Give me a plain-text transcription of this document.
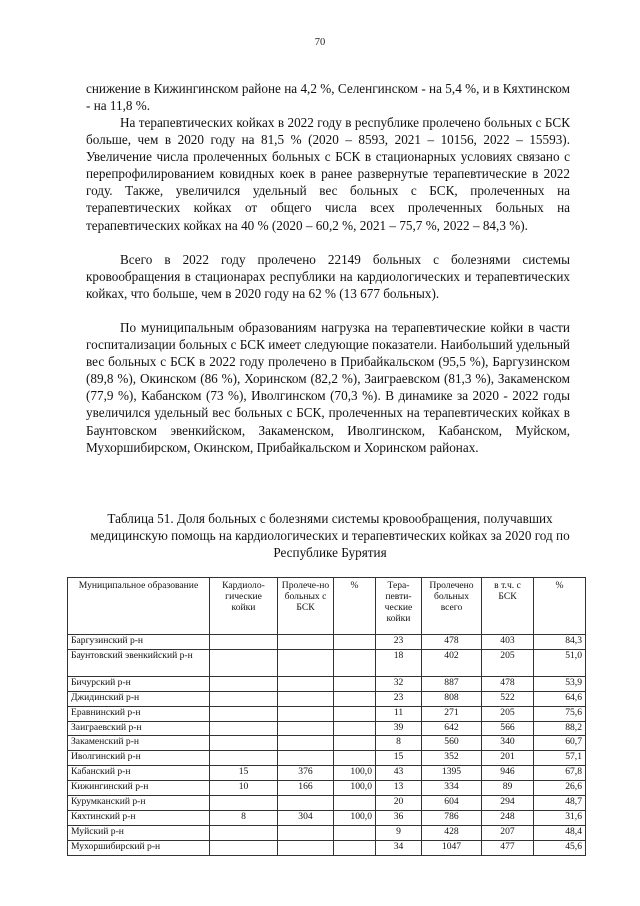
70

снижение в Кижингинском районе на 4,2 %, Селенгинском - на 5,4 %, и в Кяхтинском - на 11,8 %.

На терапевтических койках в 2022 году в республике пролечено больных с БСК больше, чем в 2020 году на 81,5 % (2020 – 8593, 2021 – 10156, 2022 – 15593). Увеличение числа пролеченных больных с БСК в стационарных условиях связано с перепрофилированием ковидных коек в ранее развернутые терапевтические в 2022 году. Также, увеличился удельный вес больных с БСК, пролеченных на терапевтических койках от общего числа всех пролеченных больных на терапевтических койках на 40 % (2020 – 60,2 %, 2021 – 75,7 %, 2022 – 84,3 %).

Всего в 2022 году пролечено 22149 больных с болезнями системы кровообращения в стационарах республики на кардиологических и терапевтических койках, что больше, чем в 2020 году на 62 % (13 677 больных).

По муниципальным образованиям нагрузка на терапевтические койки в части госпитализации больных с БСК имеет следующие показатели. Наибольший удельный вес больных с БСК в 2022 году пролечено в Прибайкальском (95,5 %), Баргузинском (89,8 %), Окинском (86 %), Хоринском (82,2 %), Заиграевском (81,3 %), Закаменском (77,9 %), Кабанском (73 %), Иволгинском (70,3 %). В динамике за 2020 - 2022 годы увеличился удельный вес больных с БСК, пролеченных на терапевтических койках в Баунтовском эвенкийском, Закаменском, Иволгинском, Кабанском, Муйском, Мухоршибирском, Окинском, Прибайкальском и Хоринском районах.

Таблица 51. Доля больных с болезнями системы кровообращения, получавших медицинскую помощь на кардиологических и терапевтических койках за 2020 год по Республике Бурятия

Муниципальное образование	Кардиоло-гические койки	Пролече-но больных с БСК	%	Тера-певти-ческие койки	Пролечено больных всего	в т.ч. с БСК	%
Баргузинский р-н				23	478	403	84,3
Баунтовский эвенкийский р-н				18	402	205	51,0
Бичурский р-н				32	887	478	53,9
Джидинский р-н				23	808	522	64,6
Еравнинский р-н				11	271	205	75,6
Заиграевский р-н				39	642	566	88,2
Закаменский р-н				8	560	340	60,7
Иволгинский р-н				15	352	201	57,1
Кабанский р-н	15	376	100,0	43	1395	946	67,8
Кижингинский р-н	10	166	100,0	13	334	89	26,6
Курумканский р-н				20	604	294	48,7
Кяхтинский р-н	8	304	100,0	36	786	248	31,6
Муйский р-н				9	428	207	48,4
Мухоршибирский р-н				34	1047	477	45,6
